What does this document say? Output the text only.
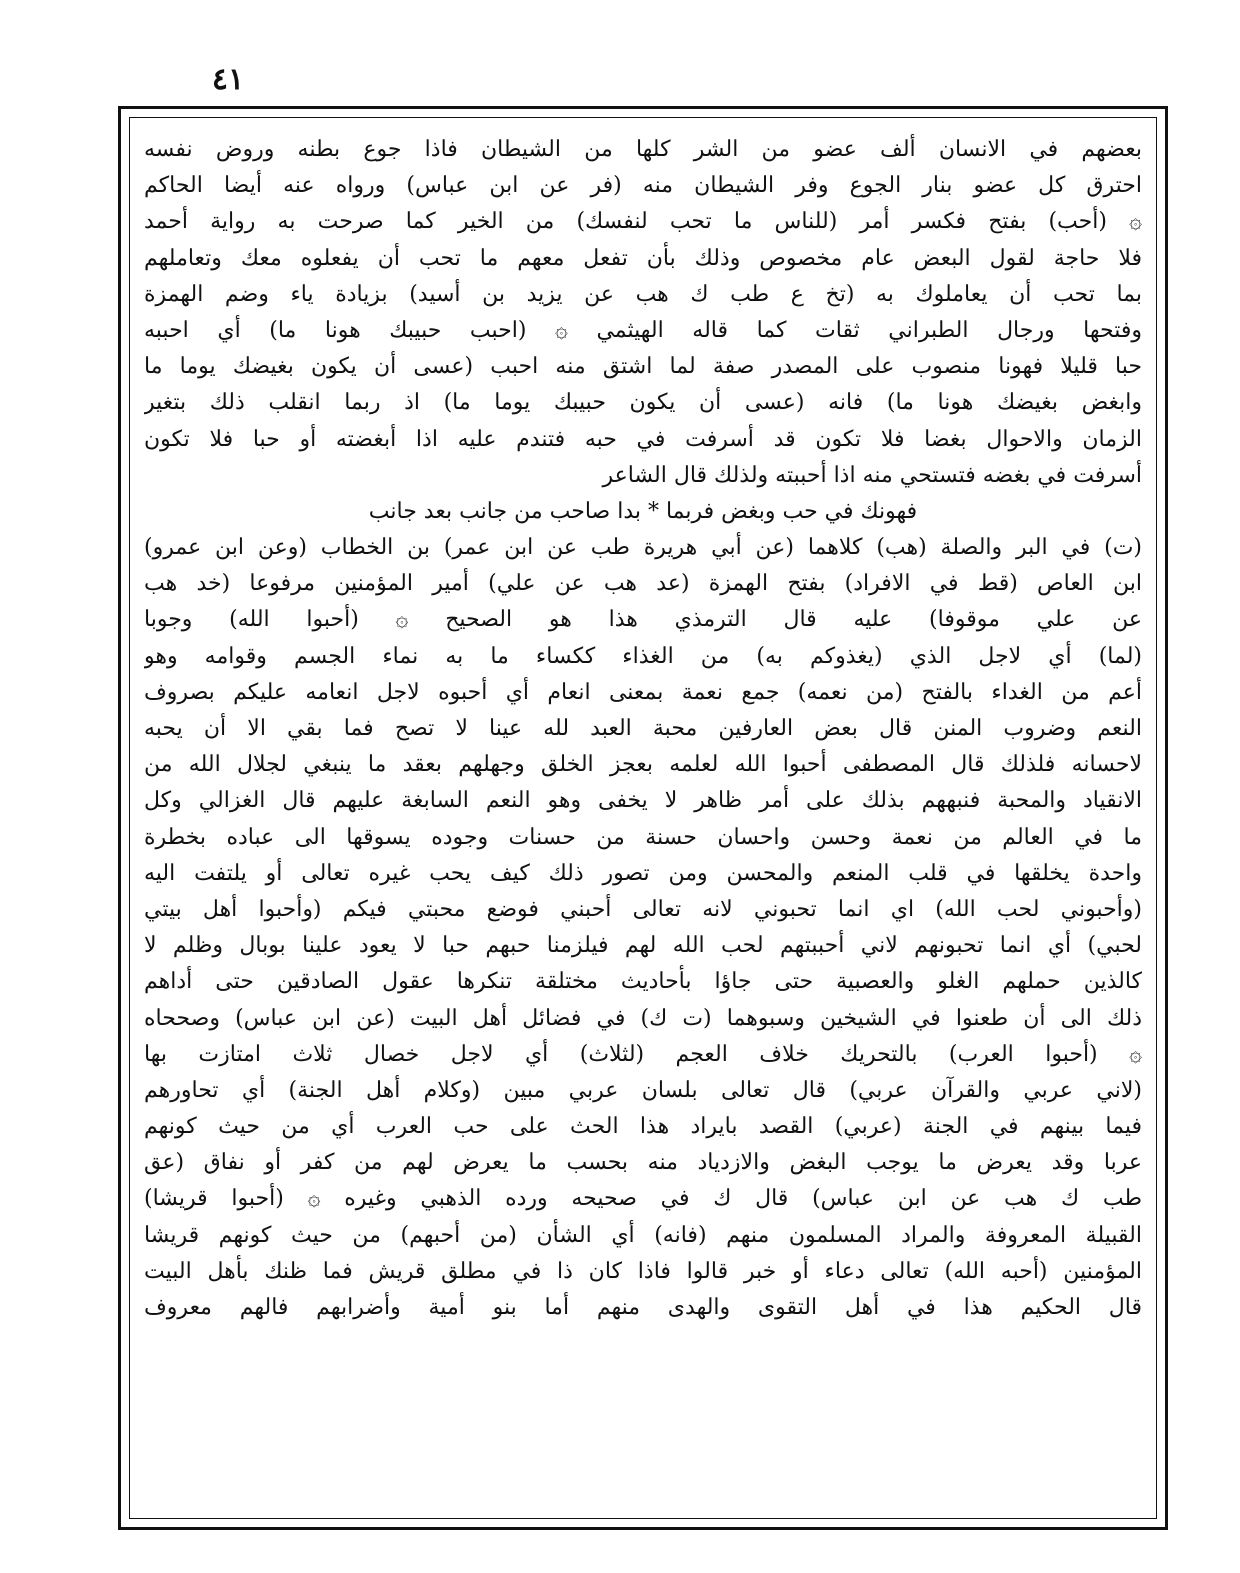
٤١
بعضهم في الانسان ألف عضو من الشر كلها من الشيطان فاذا جوع بطنه وروض نفسه
احترق كل عضو بنار الجوع وفر الشيطان منه (فر عن ابن عباس) ورواه عنه أيضا الحاكم
۞ (أحب) بفتح فكسر أمر (للناس ما تحب لنفسك) من الخير كما صرحت به رواية أحمد
فلا حاجة لقول البعض عام مخصوص وذلك بأن تفعل معهم ما تحب أن يفعلوه معك وتعاملهم
بما تحب أن يعاملوك به (تخ ع طب ك هب عن يزيد بن أسيد) بزيادة ياء وضم الهمزة
وفتحها ورجال الطبراني ثقات كما قاله الهيثمي ۞ (احبب حبيبك هونا ما) أي احببه
حبا قليلا فهونا منصوب على المصدر صفة لما اشتق منه احبب (عسى أن يكون بغيضك يوما ما
وابغض بغيضك هونا ما) فانه (عسى أن يكون حبيبك يوما ما) اذ ربما انقلب ذلك بتغير
الزمان والاحوال بغضا فلا تكون قد أسرفت في حبه فتندم عليه اذا أبغضته أو حبا فلا تكون
أسرفت في بغضه فتستحي منه اذا أحببته ولذلك قال الشاعر
فهونك في حب وبغض فربما * بدا صاحب من جانب بعد جانب
(ت) في البر والصلة (هب) كلاهما (عن أبي هريرة طب عن ابن عمر) بن الخطاب (وعن ابن عمرو)
ابن العاص (قط في الافراد) بفتح الهمزة (عد هب عن علي) أمير المؤمنين مرفوعا (خد هب
عن علي موقوفا) عليه قال الترمذي هذا هو الصحيح ۞ (أحبوا الله) وجوبا
(لما) أي لاجل الذي (يغذوكم به) من الغذاء ككساء ما به نماء الجسم وقوامه وهو
أعم من الغداء بالفتح (من نعمه) جمع نعمة بمعنى انعام أي أحبوه لاجل انعامه عليكم بصروف
النعم وضروب المنن قال بعض العارفين محبة العبد لله عينا لا تصح فما بقي الا أن يحبه
لاحسانه فلذلك قال المصطفى أحبوا الله لعلمه بعجز الخلق وجهلهم بعقد ما ينبغي لجلال الله من
الانقياد والمحبة فنبههم بذلك على أمر ظاهر لا يخفى وهو النعم السابغة عليهم قال الغزالي وكل
ما في العالم من نعمة وحسن واحسان حسنة من حسنات وجوده يسوقها الى عباده بخطرة
واحدة يخلقها في قلب المنعم والمحسن ومن تصور ذلك كيف يحب غيره تعالى أو يلتفت اليه
(وأحبوني لحب الله) اي انما تحبوني لانه تعالى أحبني فوضع محبتي فيكم (وأحبوا أهل بيتي
لحبي) أي انما تحبونهم لاني أحببتهم لحب الله لهم فيلزمنا حبهم حبا لا يعود علينا بوبال وظلم لا
كالذين حملهم الغلو والعصبية حتى جاؤا بأحاديث مختلقة تنكرها عقول الصادقين حتى أداهم
ذلك الى أن طعنوا في الشيخين وسبوهما (ت ك) في فضائل أهل البيت (عن ابن عباس) وصححاه
۞ (أحبوا العرب) بالتحريك خلاف العجم (لثلاث) أي لاجل خصال ثلاث امتازت بها
(لاني عربي والقرآن عربي) قال تعالى بلسان عربي مبين (وكلام أهل الجنة) أي تحاورهم
فيما بينهم في الجنة (عربي) القصد بايراد هذا الحث على حب العرب أي من حيث كونهم
عربا وقد يعرض ما يوجب البغض والازدياد منه بحسب ما يعرض لهم من كفر أو نفاق (عق
طب ك هب عن ابن عباس) قال ك في صحيحه ورده الذهبي وغيره ۞ (أحبوا قريشا)
القبيلة المعروفة والمراد المسلمون منهم (فانه) أي الشأن (من أحبهم) من حيث كونهم قريشا
المؤمنين (أحبه الله) تعالى دعاء أو خبر قالوا فاذا كان ذا في مطلق قريش فما ظنك بأهل البيت
قال الحكيم هذا في أهل التقوى والهدى منهم أما بنو أمية وأضرابهم فالهم معروف
